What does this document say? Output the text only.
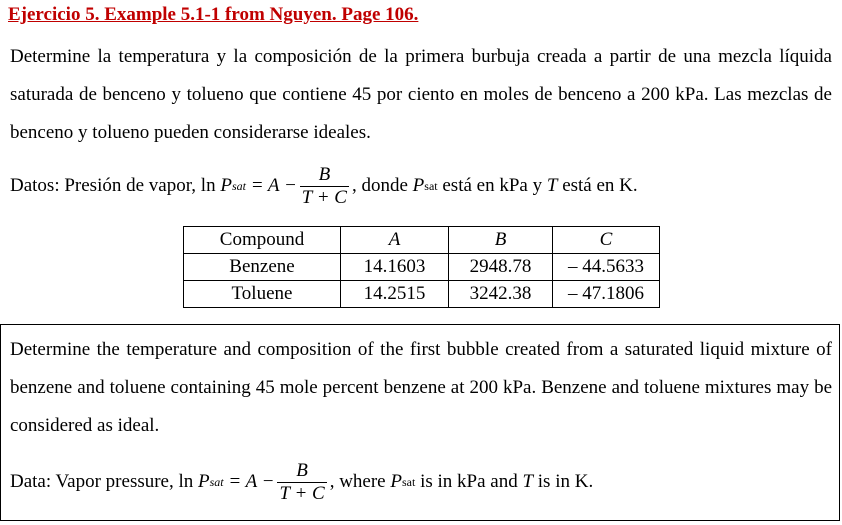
Ejercicio 5. Example 5.1-1 from Nguyen. Page 106.
Determine la temperatura y la composición de la primera burbuja creada a partir de una mezcla líquida saturada de benceno y tolueno que contiene 45 por ciento en moles de benceno a 200 kPa. Las mezclas de benceno y tolueno pueden considerarse ideales.
Datos: Presión de vapor,
ln
P sat
= $A - \frac{B}{T + C}$ , donde
P sat
está en kPa y
T
está en K.
Compound	A	B	C
Benzene	14.1603	2948.78	– 44.5633
Toluene	14.2515	3242.38	– 47.1806
Determine the temperature and composition of the first bubble created from a saturated liquid mixture of benzene and toluene containing 45 mole percent benzene at 200 kPa. Benzene and toluene mixtures may be considered as ideal.
Data: Vapor pressure,
ln
P sat
= $A - \frac{B}{T + C}$ , where
P sat
is in kPa and
T
is in K.
